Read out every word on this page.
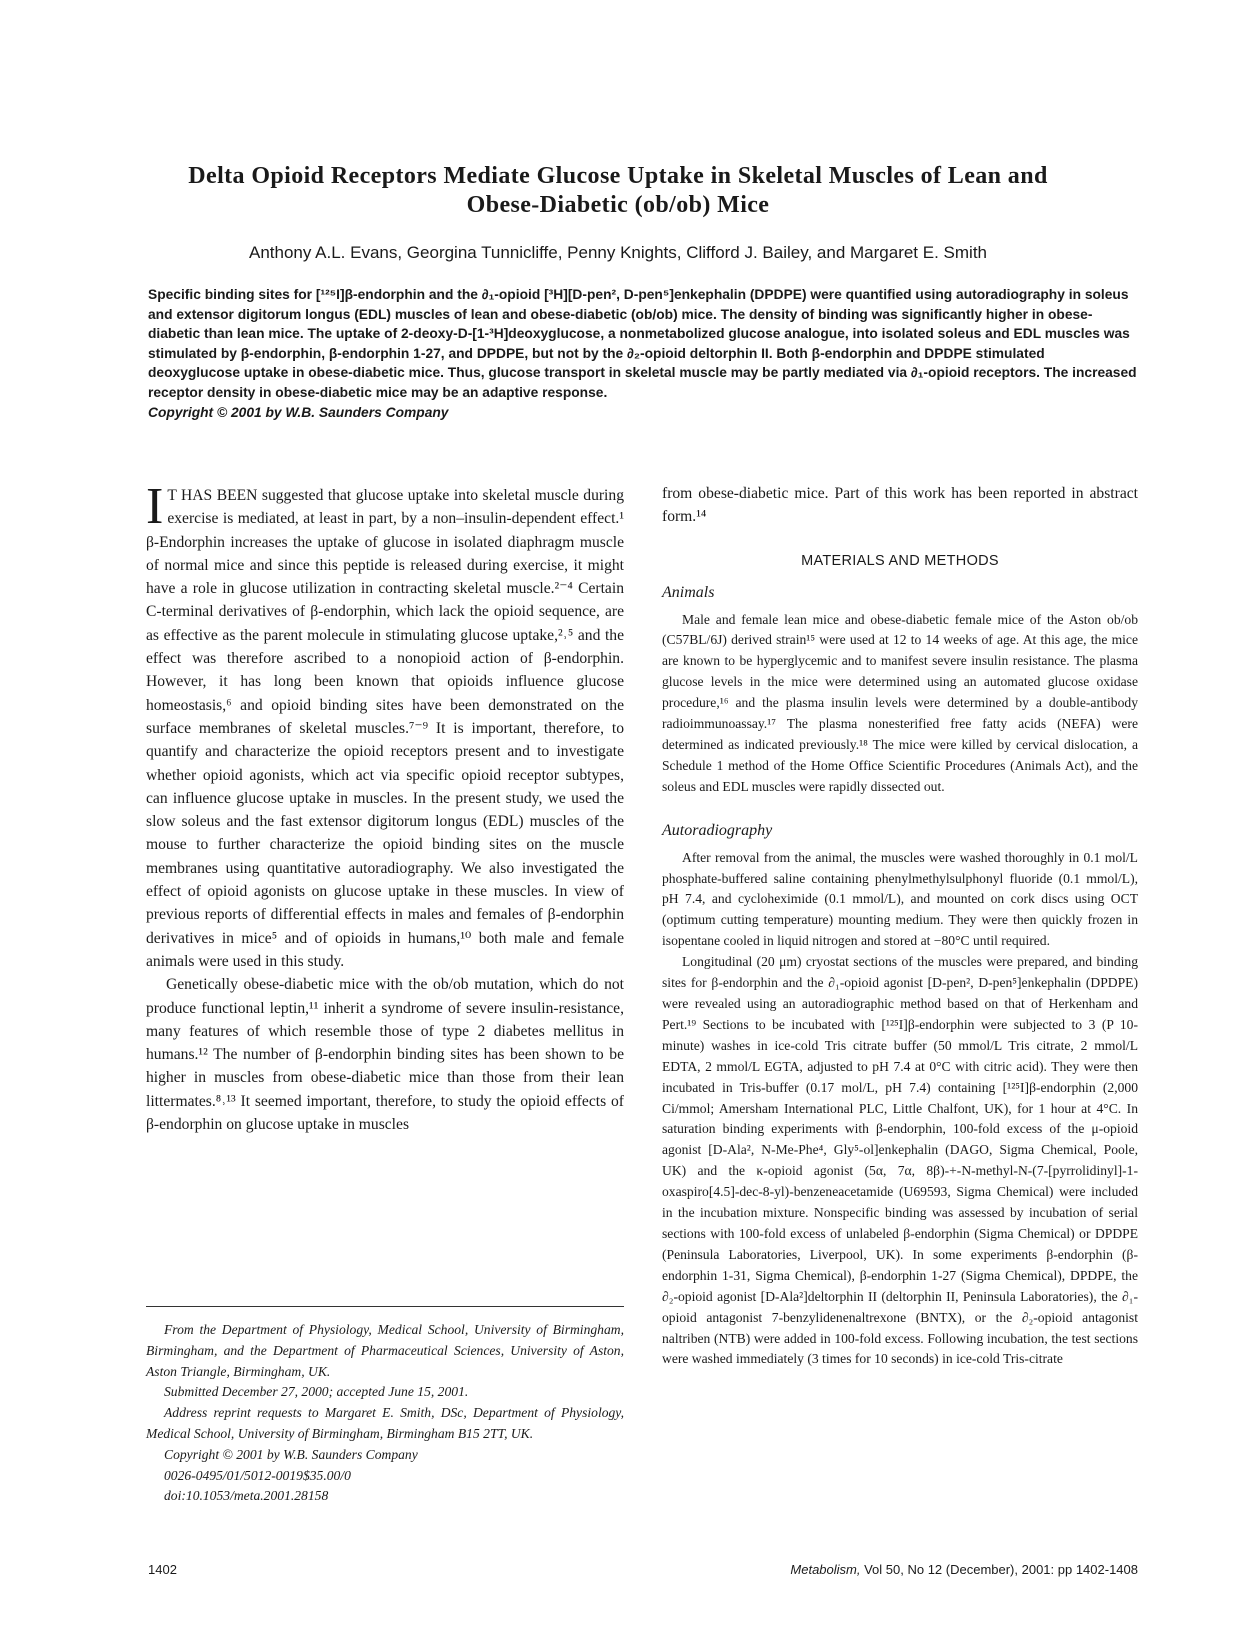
Delta Opioid Receptors Mediate Glucose Uptake in Skeletal Muscles of Lean and Obese-Diabetic (ob/ob) Mice

Anthony A.L. Evans, Georgina Tunnicliffe, Penny Knights, Clifford J. Bailey, and Margaret E. Smith

Specific binding sites for [¹²⁵I]β-endorphin and the ∂₁-opioid [³H][D-pen², D-pen⁵]enkephalin (DPDPE) were quantified using autoradiography in soleus and extensor digitorum longus (EDL) muscles of lean and obese-diabetic (ob/ob) mice. The density of binding was significantly higher in obese-diabetic than lean mice. The uptake of 2-deoxy-D-[1-³H]deoxyglucose, a nonmetabolized glucose analogue, into isolated soleus and EDL muscles was stimulated by β-endorphin, β-endorphin 1-27, and DPDPE, but not by the ∂₂-opioid deltorphin II. Both β-endorphin and DPDPE stimulated deoxyglucose uptake in obese-diabetic mice. Thus, glucose transport in skeletal muscle may be partly mediated via ∂₁-opioid receptors. The increased receptor density in obese-diabetic mice may be an adaptive response.
Copyright © 2001 by W.B. Saunders Company

I T HAS BEEN suggested that glucose uptake into skeletal muscle during exercise is mediated, at least in part, by a non–insulin-dependent effect.¹ β-Endorphin increases the uptake of glucose in isolated diaphragm muscle of normal mice and since this peptide is released during exercise, it might have a role in glucose utilization in contracting skeletal muscle.²⁻⁴ Certain C-terminal derivatives of β-endorphin, which lack the opioid sequence, are as effective as the parent molecule in stimulating glucose uptake,²˒⁵ and the effect was therefore ascribed to a nonopioid action of β-endorphin. However, it has long been known that opioids influence glucose homeostasis,⁶ and opioid binding sites have been demonstrated on the surface membranes of skeletal muscles.⁷⁻⁹ It is important, therefore, to quantify and characterize the opioid receptors present and to investigate whether opioid agonists, which act via specific opioid receptor subtypes, can influence glucose uptake in muscles. In the present study, we used the slow soleus and the fast extensor digitorum longus (EDL) muscles of the mouse to further characterize the opioid binding sites on the muscle membranes using quantitative autoradiography. We also investigated the effect of opioid agonists on glucose uptake in these muscles. In view of previous reports of differential effects in males and females of β-endorphin derivatives in mice⁵ and of opioids in humans,¹⁰ both male and female animals were used in this study.

Genetically obese-diabetic mice with the ob/ob mutation, which do not produce functional leptin,¹¹ inherit a syndrome of severe insulin-resistance, many features of which resemble those of type 2 diabetes mellitus in humans.¹² The number of β-endorphin binding sites has been shown to be higher in muscles from obese-diabetic mice than those from their lean littermates.⁸˒¹³ It seemed important, therefore, to study the opioid effects of β-endorphin on glucose uptake in muscles

From the Department of Physiology, Medical School, University of Birmingham, Birmingham, and the Department of Pharmaceutical Sciences, University of Aston, Aston Triangle, Birmingham, UK.

Submitted December 27, 2000; accepted June 15, 2001.

Address reprint requests to Margaret E. Smith, DSc, Department of Physiology, Medical School, University of Birmingham, Birmingham B15 2TT, UK.

Copyright © 2001 by W.B. Saunders Company

0026-0495/01/5012-0019$35.00/0

doi:10.1053/meta.2001.28158

from obese-diabetic mice. Part of this work has been reported in abstract form.¹⁴

MATERIALS AND METHODS
Animals

Male and female lean mice and obese-diabetic female mice of the Aston ob/ob (C57BL/6J) derived strain¹⁵ were used at 12 to 14 weeks of age. At this age, the mice are known to be hyperglycemic and to manifest severe insulin resistance. The plasma glucose levels in the mice were determined using an automated glucose oxidase procedure,¹⁶ and the plasma insulin levels were determined by a double-antibody radioimmunoassay.¹⁷ The plasma nonesterified free fatty acids (NEFA) were determined as indicated previously.¹⁸ The mice were killed by cervical dislocation, a Schedule 1 method of the Home Office Scientific Procedures (Animals Act), and the soleus and EDL muscles were rapidly dissected out.

Autoradiography

After removal from the animal, the muscles were washed thoroughly in 0.1 mol/L phosphate-buffered saline containing phenylmethylsulphonyl fluoride (0.1 mmol/L), pH 7.4, and cycloheximide (0.1 mmol/L), and mounted on cork discs using OCT (optimum cutting temperature) mounting medium. They were then quickly frozen in isopentane cooled in liquid nitrogen and stored at −80°C until required.

Longitudinal (20 μm) cryostat sections of the muscles were prepared, and binding sites for β-endorphin and the ∂₁-opioid agonist [D-pen², D-pen⁵]enkephalin (DPDPE) were revealed using an autoradiographic method based on that of Herkenham and Pert.¹⁹ Sections to be incubated with [¹²⁵I]β-endorphin were subjected to 3 (P 10-minute) washes in ice-cold Tris citrate buffer (50 mmol/L Tris citrate, 2 mmol/L EDTA, 2 mmol/L EGTA, adjusted to pH 7.4 at 0°C with citric acid). They were then incubated in Tris-buffer (0.17 mol/L, pH 7.4) containing [¹²⁵I]β-endorphin (2,000 Ci/mmol; Amersham International PLC, Little Chalfont, UK), for 1 hour at 4°C. In saturation binding experiments with β-endorphin, 100-fold excess of the μ-opioid agonist [D-Ala², N-Me-Phe⁴, Gly⁵-ol]enkephalin (DAGO, Sigma Chemical, Poole, UK) and the κ-opioid agonist (5α, 7α, 8β)-+-N-methyl-N-(7-[pyrrolidinyl]-1-oxaspiro[4.5]-dec-8-yl)-benzeneacetamide (U69593, Sigma Chemical) were included in the incubation mixture. Nonspecific binding was assessed by incubation of serial sections with 100-fold excess of unlabeled β-endorphin (Sigma Chemical) or DPDPE (Peninsula Laboratories, Liverpool, UK). In some experiments β-endorphin (β-endorphin 1-31, Sigma Chemical), β-endorphin 1-27 (Sigma Chemical), DPDPE, the ∂₂-opioid agonist [D-Ala²]deltorphin II (deltorphin II, Peninsula Laboratories), the ∂₁-opioid antagonist 7-benzylidenenaltrexone (BNTX), or the ∂₂-opioid antagonist naltriben (NTB) were added in 100-fold excess. Following incubation, the test sections were washed immediately (3 times for 10 seconds) in ice-cold Tris-citrate

1402	Metabolism, Vol 50, No 12 (December), 2001: pp 1402-1408
